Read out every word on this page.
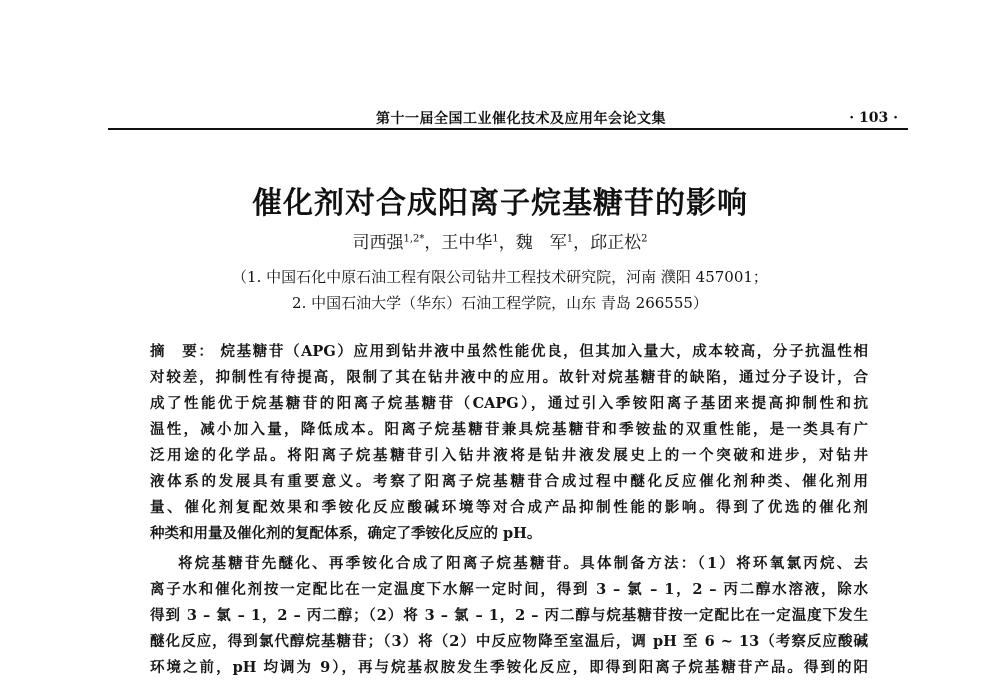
第十一届全国工业催化技术及应用年会论文集	· 103 ·
催化剂对合成阳离子烷基糖苷的影响
司西强$^{1,2*}$，王中华$^1$，魏　军$^1$，邱正松$^2$
（1. 中国石化中原石油工程有限公司钻井工程技术研究院，河南 濮阳 457001；
2. 中国石油大学（华东）石油工程学院，山东 青岛 266555）
摘　要： 烷基糖苷（APG）应用到钻井液中虽然性能优良，但其加入量大，成本较高，分子抗温性相
对较差，抑制性有待提高，限制了其在钻井液中的应用。故针对烷基糖苷的缺陷，通过分子设计，合
成了性能优于烷基糖苷的阳离子烷基糖苷（CAPG），通过引入季铵阳离子基团来提高抑制性和抗
温性，减小加入量，降低成本。阳离子烷基糖苷兼具烷基糖苷和季铵盐的双重性能，是一类具有广
泛用途的化学品。将阳离子烷基糖苷引入钻井液将是钻井液发展史上的一个突破和进步，对钻井
液体系的发展具有重要意义。考察了阳离子烷基糖苷合成过程中醚化反应催化剂种类、催化剂用
量、催化剂复配效果和季铵化反应酸碱环境等对合成产品抑制性能的影响。得到了优选的催化剂
种类和用量及催化剂的复配体系，确定了季铵化反应的 pH。
将烷基糖苷先醚化、再季铵化合成了阳离子烷基糖苷。具体制备方法：（1）将环氧氯丙烷、去
离子水和催化剂按一定配比在一定温度下水解一定时间，得到 3 – 氯 – 1，2 – 丙二醇水溶液，除水
得到 3 – 氯 – 1，2 – 丙二醇；（2）将 3 – 氯 – 1，2 – 丙二醇与烷基糖苷按一定配比在一定温度下发生
醚化反应，得到氯代醇烷基糖苷；（3）将（2）中反应物降至室温后，调 pH 至 6 ~ 13（考察反应酸碱
环境之前，pH 均调为 9），再与烷基叔胺发生季铵化反应，即得到阳离子烷基糖苷产品。得到的阳
